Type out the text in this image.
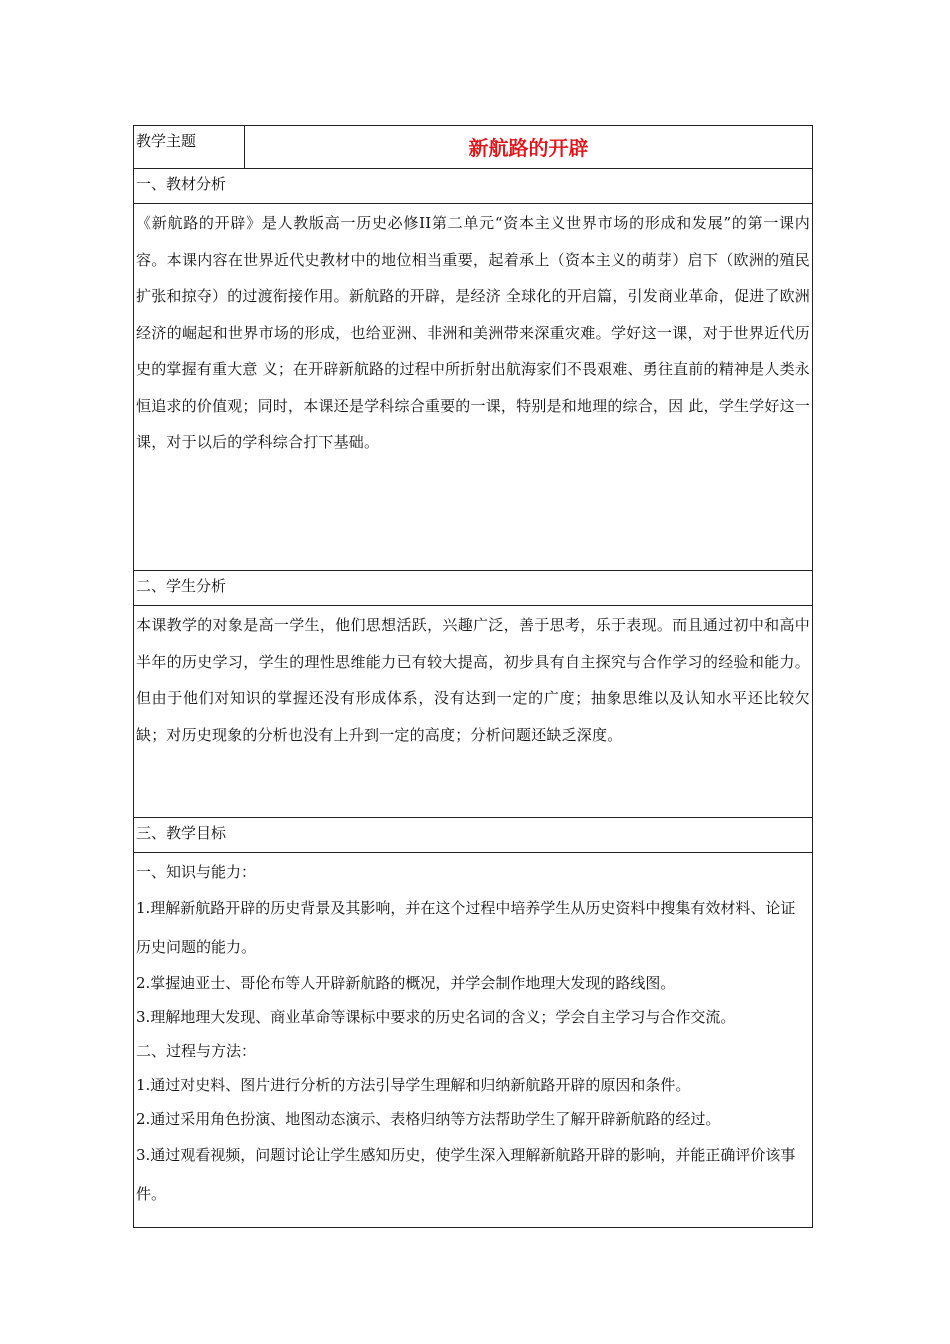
教学主题	新航路的开辟
一、教材分析

《新航路的开辟》是人教版高一历史必修II第二单元“资本主义世界市场的形成和发展”的第一课内容。本课内容在世界近代史教材中的地位相当重要，起着承上（资本主义的萌芽）启下（欧洲的殖民扩张和掠夺）的过渡衔接作用。新航路的开辟，是经济 全球化的开启篇，引发商业革命，促进了欧洲经济的崛起和世界市场的形成，也给亚洲、非洲和美洲带来深重灾难。学好这一课，对于世界近代历史的掌握有重大意 义；在开辟新航路的过程中所折射出航海家们不畏艰难、勇往直前的精神是人类永恒追求的价值观；同时，本课还是学科综合重要的一课，特别是和地理的综合，因 此，学生学好这一课，对于以后的学科综合打下基础。

二、学生分析

本课教学的对象是高一学生，他们思想活跃，兴趣广泛，善于思考，乐于表现。而且通过初中和高中半年的历史学习，学生的理性思维能力已有较大提高，初步具有自主探究与合作学习的经验和能力。但由于他们对知识的掌握还没有形成体系，没有达到一定的广度；抽象思维以及认知水平还比较欠缺；对历史现象的分析也没有上升到一定的高度；分析问题还缺乏深度。

三、教学目标

一、知识与能力：

1.理解新航路开辟的历史背景及其影响，并在这个过程中培养学生从历史资料中搜集有效材料、论证历史问题的能力。

2.掌握迪亚士、哥伦布等人开辟新航路的概况，并学会制作地理大发现的路线图。

3.理解地理大发现、商业革命等课标中要求的历史名词的含义；学会自主学习与合作交流。

二、过程与方法：

1.通过对史料、图片进行分析的方法引导学生理解和归纳新航路开辟的原因和条件。

2.通过采用角色扮演、地图动态演示、表格归纳等方法帮助学生了解开辟新航路的经过。

3.通过观看视频，问题讨论让学生感知历史，使学生深入理解新航路开辟的影响，并能正确评价该事件。
